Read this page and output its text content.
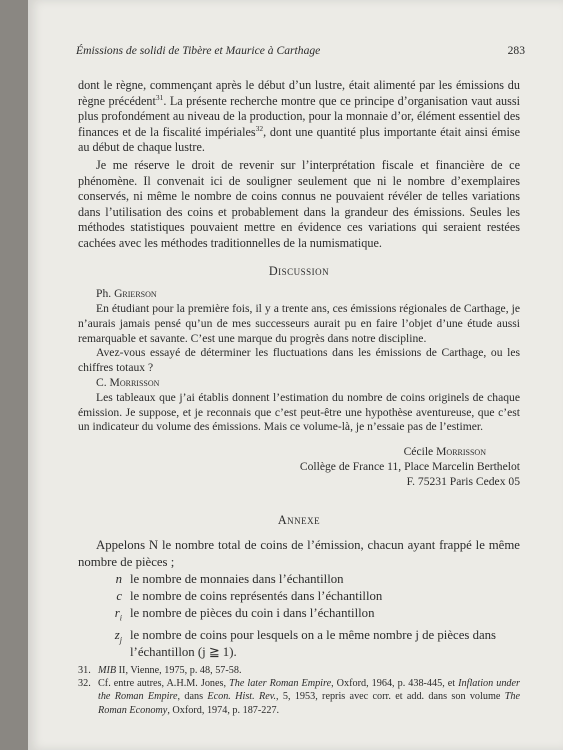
Émissions de solidi de Tibère et Maurice à Carthage	283

dont le règne, commençant après le début d’un lustre, était alimenté par les émissions du règne précédent$^{31}$. La présente recherche montre que ce principe d’organisation vaut aussi plus profondément au niveau de la production, pour la monnaie d’or, élément essentiel des finances et de la fiscalité impériales$^{32}$, dont une quantité plus importante était ainsi émise au début de chaque lustre.

Je me réserve le droit de revenir sur l’interprétation fiscale et financière de ce phénomène. Il convenait ici de souligner seulement que ni le nombre d’exemplaires conservés, ni même le nombre de coins connus ne pouvaient révéler de telles variations dans l’utilisation des coins et probablement dans la grandeur des émissions. Seules les méthodes statistiques pouvaient mettre en évidence ces variations qui seraient restées cachées avec les méthodes traditionnelles de la numismatique.

Discussion

Ph. Grierson

En étudiant pour la première fois, il y a trente ans, ces émissions régionales de Carthage, je n’aurais jamais pensé qu’un de mes successeurs aurait pu en faire l’objet d’une étude aussi remarquable et savante. C’est une marque du progrès dans notre discipline.

Avez-vous essayé de déterminer les fluctuations dans les émissions de Carthage, ou les chiffres totaux ?

C. Morrisson

Les tableaux que j’ai établis donnent l’estimation du nombre de coins originels de chaque émission. Je suppose, et je reconnais que c’est peut-être une hypothèse aventureuse, que c’est un indicateur du volume des émissions. Mais ce volume-là, je n’essaie pas de l’estimer.

Cécile Morrisson

Collège de France 11, Place Marcelin Berthelot

F. 75231 Paris Cedex 05

Annexe

Appelons N le nombre total de coins de l’émission, chacun ayant frappé le même nombre de pièces ;

n le nombre de monnaies dans l’échantillon
c le nombre de coins représentés dans l’échantillon
$r_i$ le nombre de pièces du coin i dans l’échantillon
$z_j$ le nombre de coins pour lesquels on a le même nombre j de pièces dans l’échantillon (j ≧ 1).

31. MIB II, Vienne, 1975, p. 48, 57-58.

32. Cf. entre autres, A.H.M. Jones, The later Roman Empire, Oxford, 1964, p. 438-445, et Inflation under the Roman Empire, dans Econ. Hist. Rev., 5, 1953, repris avec corr. et add. dans son volume The Roman Economy, Oxford, 1974, p. 187-227.
